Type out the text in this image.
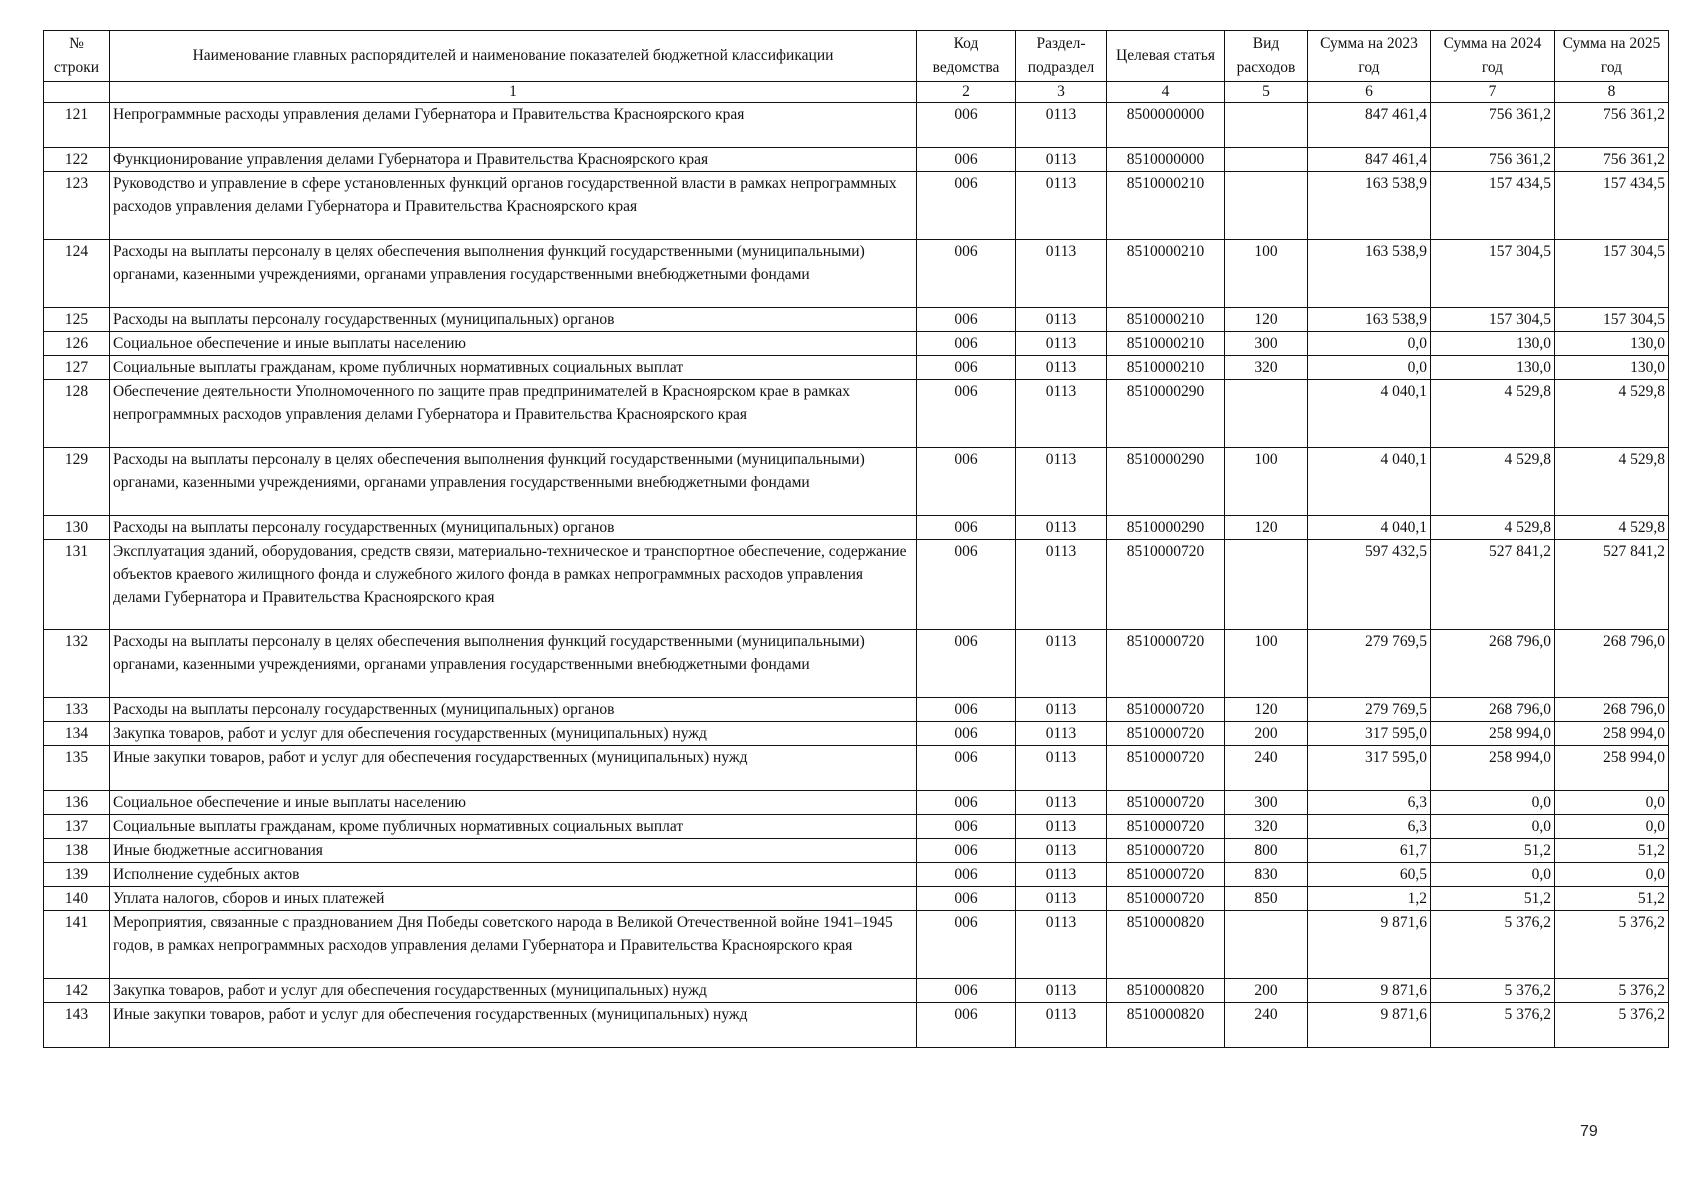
№ строки	Наименование главных распорядителей и наименование показателей бюджетной классификации	Код ведомства	Раздел-подраздел	Целевая статья	Вид расходов	Сумма на 2023 год	Сумма на 2024 год	Сумма на 2025 год
	1	2	3	4	5	6	7	8
121	Непрограммные расходы управления делами Губернатора и Правительства Красноярского края	006	0113	8500000000		847 461,4	756 361,2	756 361,2
122	Функционирование управления делами Губернатора и Правительства Красноярского края	006	0113	8510000000		847 461,4	756 361,2	756 361,2
123	Руководство и управление в сфере установленных функций органов государственной власти в рамках непрограммных расходов управления делами Губернатора и Правительства Красноярского края	006	0113	8510000210		163 538,9	157 434,5	157 434,5
124	Расходы на выплаты персоналу в целях обеспечения выполнения функций государственными (муниципальными) органами, казенными учреждениями, органами управления государственными внебюджетными фондами	006	0113	8510000210	100	163 538,9	157 304,5	157 304,5
125	Расходы на выплаты персоналу государственных (муниципальных) органов	006	0113	8510000210	120	163 538,9	157 304,5	157 304,5
126	Социальное обеспечение и иные выплаты населению	006	0113	8510000210	300	0,0	130,0	130,0
127	Социальные выплаты гражданам, кроме публичных нормативных социальных выплат	006	0113	8510000210	320	0,0	130,0	130,0
128	Обеспечение деятельности Уполномоченного по защите прав предпринимателей в Красноярском крае в рамках непрограммных расходов управления делами Губернатора и Правительства Красноярского края	006	0113	8510000290		4 040,1	4 529,8	4 529,8
129	Расходы на выплаты персоналу в целях обеспечения выполнения функций государственными (муниципальными) органами, казенными учреждениями, органами управления государственными внебюджетными фондами	006	0113	8510000290	100	4 040,1	4 529,8	4 529,8
130	Расходы на выплаты персоналу государственных (муниципальных) органов	006	0113	8510000290	120	4 040,1	4 529,8	4 529,8
131	Эксплуатация зданий, оборудования, средств связи, материально-техническое и транспортное обеспечение, содержание объектов краевого жилищного фонда и служебного жилого фонда в рамках непрограммных расходов управления делами Губернатора и Правительства Красноярского края	006	0113	8510000720		597 432,5	527 841,2	527 841,2
132	Расходы на выплаты персоналу в целях обеспечения выполнения функций государственными (муниципальными) органами, казенными учреждениями, органами управления государственными внебюджетными фондами	006	0113	8510000720	100	279 769,5	268 796,0	268 796,0
133	Расходы на выплаты персоналу государственных (муниципальных) органов	006	0113	8510000720	120	279 769,5	268 796,0	268 796,0
134	Закупка товаров, работ и услуг для обеспечения государственных (муниципальных) нужд	006	0113	8510000720	200	317 595,0	258 994,0	258 994,0
135	Иные закупки товаров, работ и услуг для обеспечения государственных (муниципальных) нужд	006	0113	8510000720	240	317 595,0	258 994,0	258 994,0
136	Социальное обеспечение и иные выплаты населению	006	0113	8510000720	300	6,3	0,0	0,0
137	Социальные выплаты гражданам, кроме публичных нормативных социальных выплат	006	0113	8510000720	320	6,3	0,0	0,0
138	Иные бюджетные ассигнования	006	0113	8510000720	800	61,7	51,2	51,2
139	Исполнение судебных актов	006	0113	8510000720	830	60,5	0,0	0,0
140	Уплата налогов, сборов и иных платежей	006	0113	8510000720	850	1,2	51,2	51,2
141	Мероприятия, связанные с празднованием Дня Победы советского народа в Великой Отечественной войне 1941–1945 годов, в рамках непрограммных расходов управления делами Губернатора и Правительства Красноярского края	006	0113	8510000820		9 871,6	5 376,2	5 376,2
142	Закупка товаров, работ и услуг для обеспечения государственных (муниципальных) нужд	006	0113	8510000820	200	9 871,6	5 376,2	5 376,2
143	Иные закупки товаров, работ и услуг для обеспечения государственных (муниципальных) нужд	006	0113	8510000820	240	9 871,6	5 376,2	5 376,2
79
